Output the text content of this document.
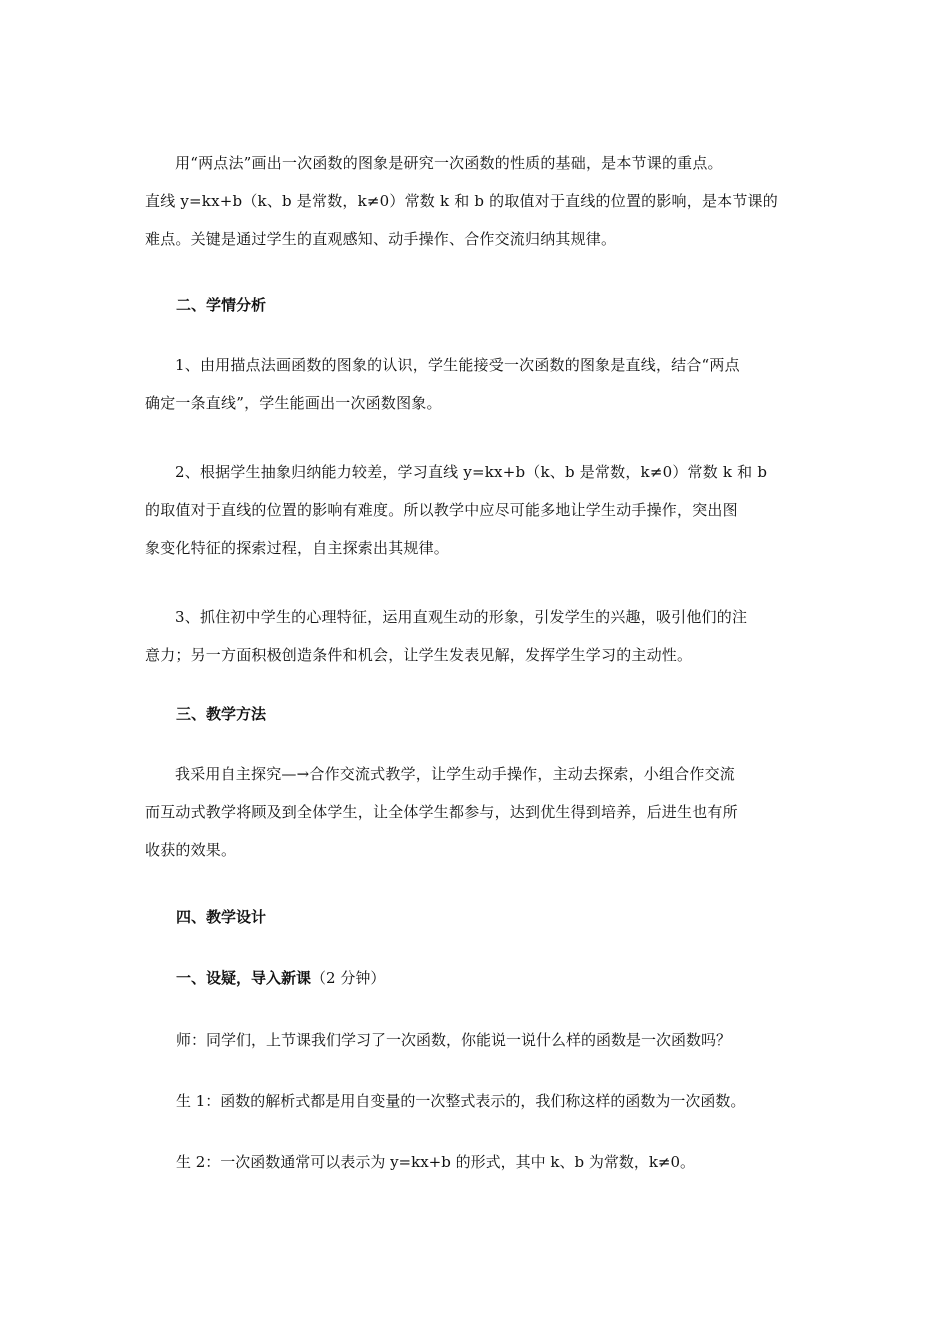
用“两点法”画出一次函数的图象是研究一次函数的性质的基础，是本节课的重点。
直线 y=kx+b（k、b 是常数，k≠0）常数 k 和 b 的取值对于直线的位置的影响，是本节课的
难点。关键是通过学生的直观感知、动手操作、合作交流归纳其规律。
二、学情分析
1、由用描点法画函数的图象的认识，学生能接受一次函数的图象是直线，结合“两点
确定一条直线”，学生能画出一次函数图象。
2、根据学生抽象归纳能力较差，学习直线 y=kx+b（k、b 是常数，k≠0）常数 k 和 b
的取值对于直线的位置的影响有难度。所以教学中应尽可能多地让学生动手操作，突出图
象变化特征的探索过程，自主探索出其规律。
3、抓住初中学生的心理特征，运用直观生动的形象，引发学生的兴趣，吸引他们的注
意力；另一方面积极创造条件和机会，让学生发表见解，发挥学生学习的主动性。
三、教学方法
我采用自主探究—→合作交流式教学，让学生动手操作，主动去探索，小组合作交流
而互动式教学将顾及到全体学生，让全体学生都参与，达到优生得到培养，后进生也有所
收获的效果。
四、教学设计
一、设疑，导入新课（2 分钟）
师：同学们，上节课我们学习了一次函数，你能说一说什么样的函数是一次函数吗？
生 1：函数的解析式都是用自变量的一次整式表示的，我们称这样的函数为一次函数。
生 2：一次函数通常可以表示为 y=kx+b 的形式，其中 k、b 为常数，k≠0。
